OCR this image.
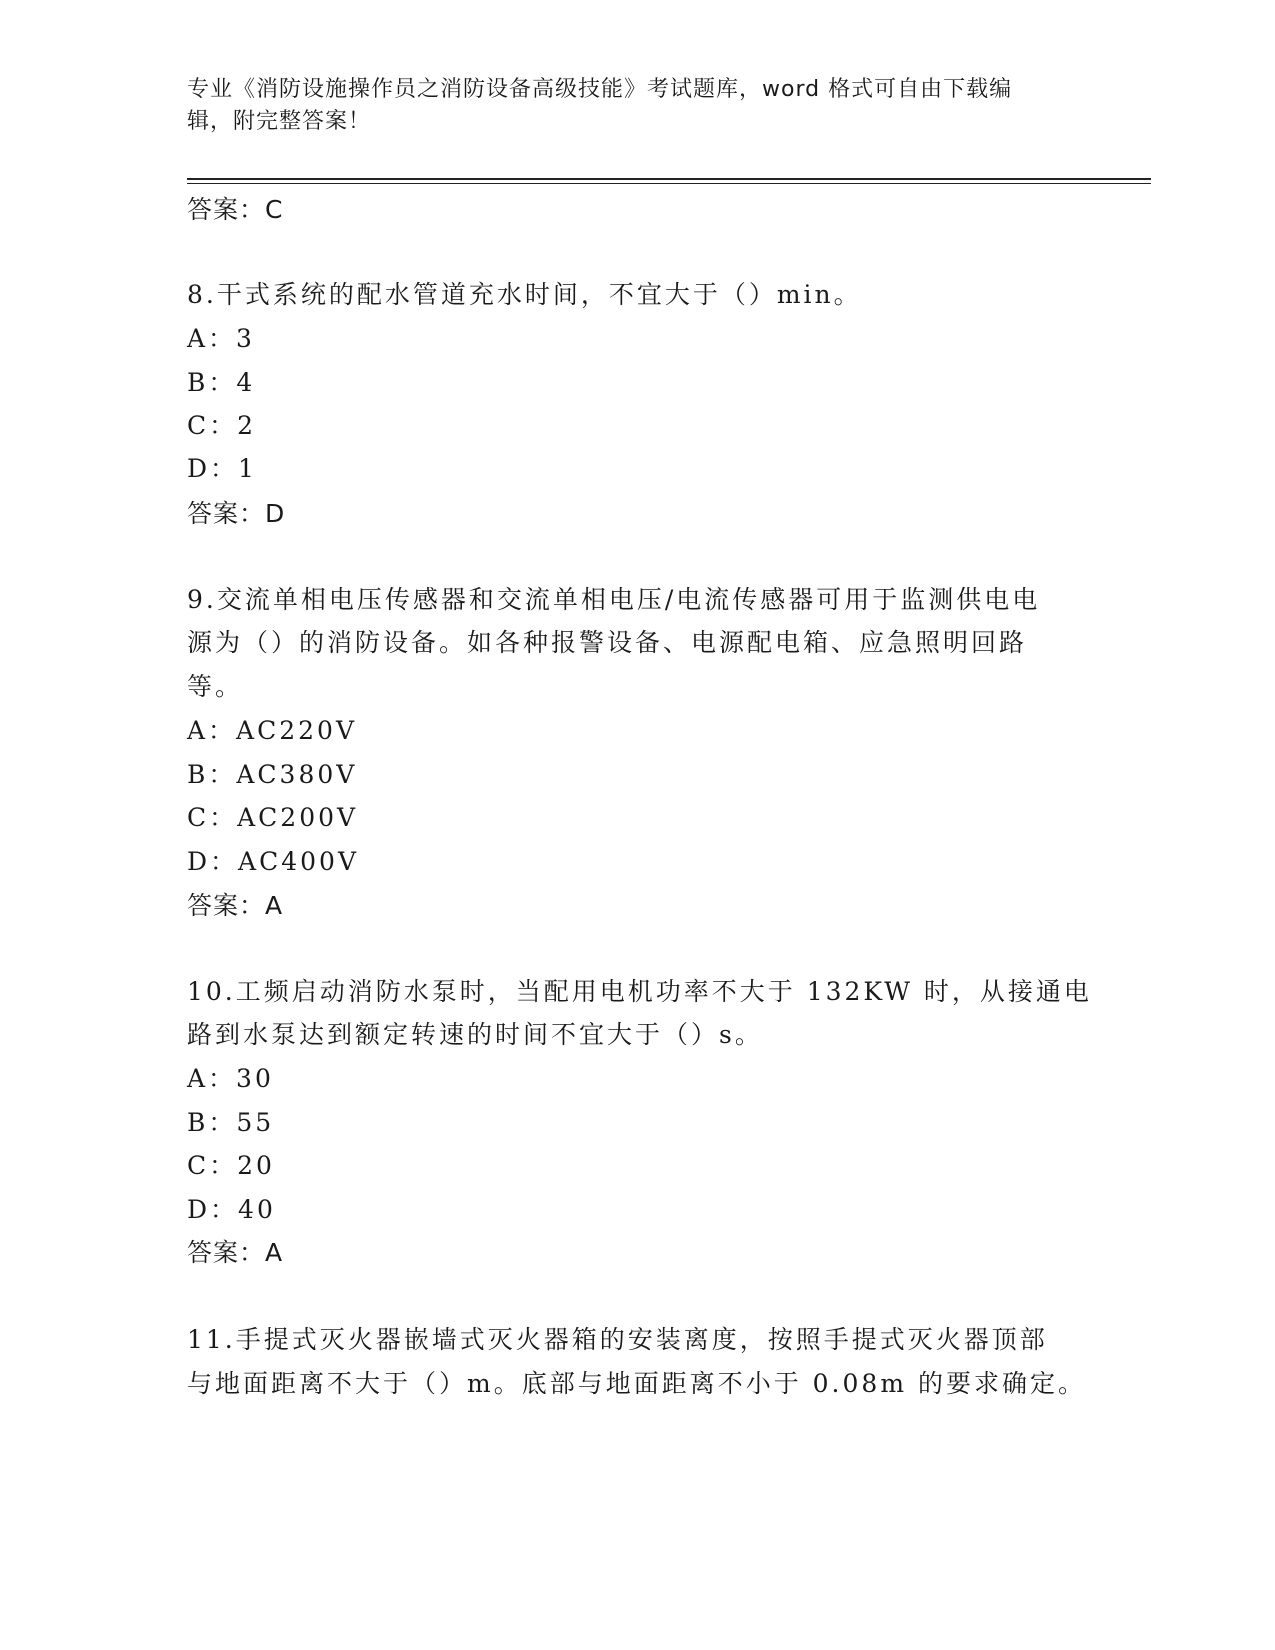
专业《消防设施操作员之消防设备高级技能》考试题库，word 格式可自由下载编
辑，附完整答案！
答案：C
8.干式系统的配水管道充水时间，不宜大于（）min。
A：3
B：4
C：2
D：1
答案：D
9.交流单相电压传感器和交流单相电压/电流传感器可用于监测供电电
源为（）的消防设备。如各种报警设备、电源配电箱、应急照明回路
等。
A：AC220V
B：AC380V
C：AC200V
D：AC400V
答案：A
10.工频启动消防水泵时，当配用电机功率不大于 132KW 时，从接通电
路到水泵达到额定转速的时间不宜大于（）s。
A：30
B：55
C：20
D：40
答案：A
11.手提式灭火器嵌墙式灭火器箱的安装离度，按照手提式灭火器顶部
与地面距离不大于（）m。底部与地面距离不小于 0.08m 的要求确定。
